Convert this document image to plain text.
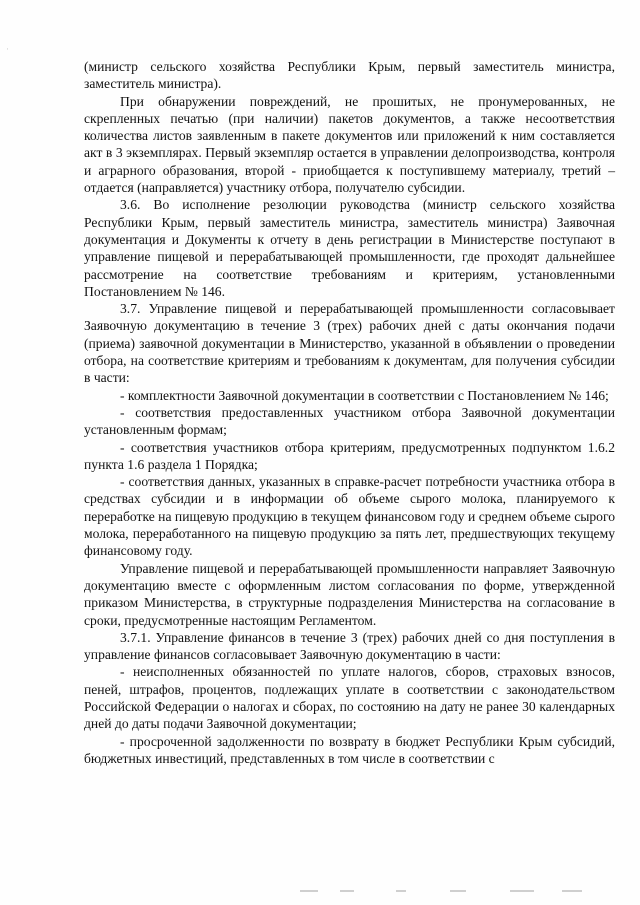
·

(министр сельского хозяйства Республики Крым, первый заместитель министра, заместитель министра).

При обнаружении повреждений, не прошитых, не пронумерованных, не скрепленных печатью (при наличии) пакетов документов, а также несоответствия количества листов заявленным в пакете документов или приложений к ним составляется акт в 3 экземплярах. Первый экземпляр остается в управлении делопроизводства, контроля и аграрного образования, второй - приобщается к поступившему материалу, третий – отдается (направляется) участнику отбора, получателю субсидии.

3.6. Во исполнение резолюции руководства (министр сельского хозяйства Республики Крым, первый заместитель министра, заместитель министра) Заявочная документация и Документы к отчету в день регистрации в Министерстве поступают в управление пищевой и перерабатывающей промышленности, где проходят дальнейшее рассмотрение на соответствие требованиям и критериям, установленными Постановлением № 146.

3.7. Управление пищевой и перерабатывающей промышленности согласовывает Заявочную документацию в течение 3 (трех) рабочих дней с даты окончания подачи (приема) заявочной документации в Министерство, указанной в объявлении о проведении отбора, на соответствие критериям и требованиям к документам, для получения субсидии в части:

- комплектности Заявочной документации в соответствии с Постановлением № 146;

- соответствия предоставленных участником отбора Заявочной документации установленным формам;

- соответствия участников отбора критериям, предусмотренных подпунктом 1.6.2 пункта 1.6 раздела 1 Порядка;

- соответствия данных, указанных в справке-расчет потребности участника отбора в средствах субсидии и в информации об объеме сырого молока, планируемого к переработке на пищевую продукцию в текущем финансовом году и среднем объеме сырого молока, переработанного на пищевую продукцию за пять лет, предшествующих текущему финансовому году.

Управление пищевой и перерабатывающей промышленности направляет Заявочную документацию вместе с оформленным листом согласования по форме, утвержденной приказом Министерства, в структурные подразделения Министерства на согласование в сроки, предусмотренные настоящим Регламентом.

3.7.1. Управление финансов в течение 3 (трех) рабочих дней со дня поступления в управление финансов согласовывает Заявочную документацию в части:

- неисполненных обязанностей по уплате налогов, сборов, страховых взносов, пеней, штрафов, процентов, подлежащих уплате в соответствии с законодательством Российской Федерации о налогах и сборах, по состоянию на дату не ранее 30 календарных дней до даты подачи Заявочной документации;

- просроченной задолженности по возврату в бюджет Республики Крым субсидий, бюджетных инвестиций, представленных в том числе в соответствии с
